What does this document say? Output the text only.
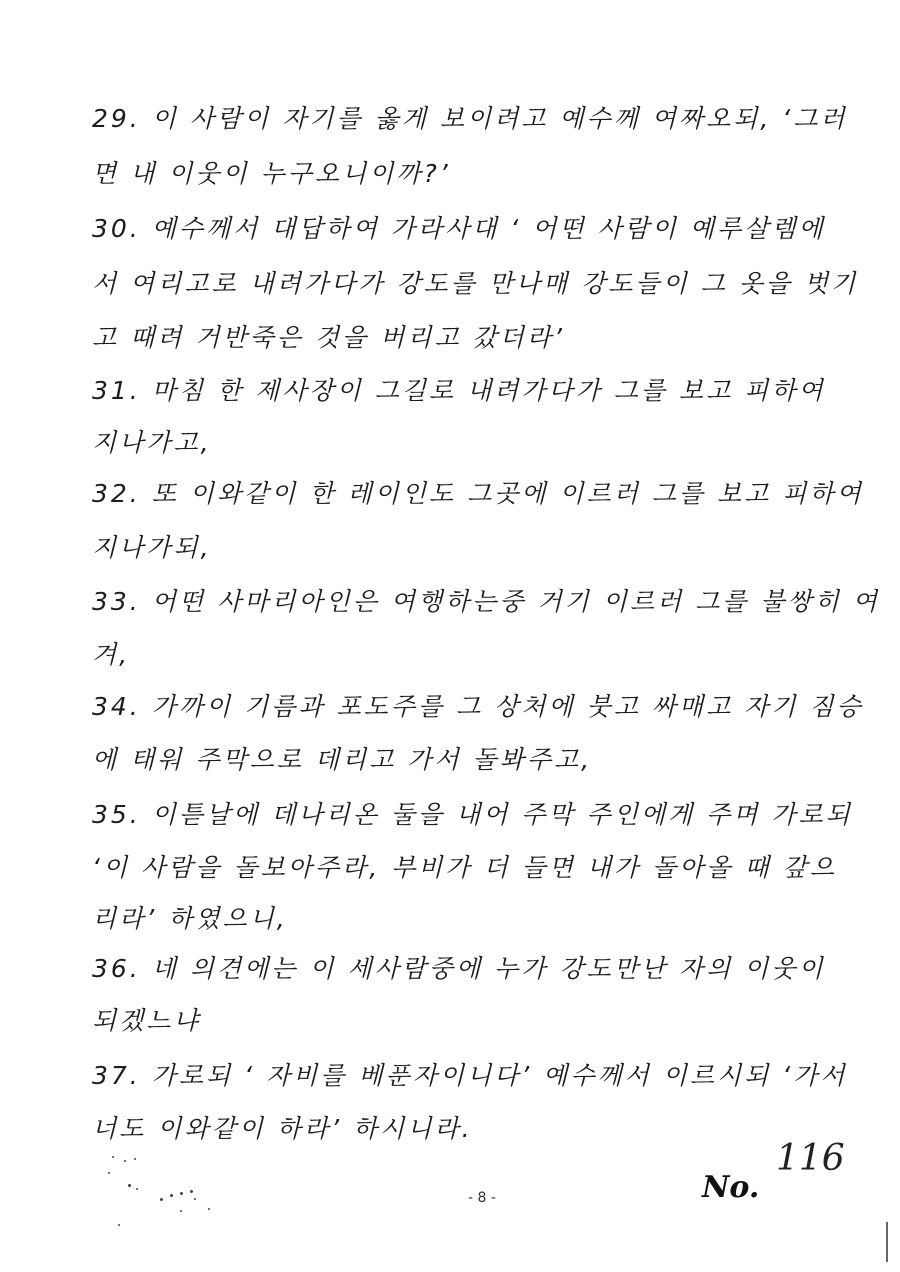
29. 이 사람이 자기를 옳게 보이려고 예수께 여짜오되, ‘그러
면 내 이웃이 누구오니이까?’
30. 예수께서 대답하여 가라사대 ‘ 어떤 사람이 예루살렘에
서 여리고로 내려가다가 강도를 만나매 강도들이 그 옷을 벗기
고 때려 거반죽은 것을 버리고 갔더라’
31. 마침 한 제사장이 그길로 내려가다가 그를 보고 피하여
지나가고,
32. 또 이와같이 한 레이인도 그곳에 이르러 그를 보고 피하여
지나가되,
33. 어떤 사마리아인은 여행하는중 거기 이르러 그를 불쌍히 여
겨,
34. 가까이 기름과 포도주를 그 상처에 붓고 싸매고 자기 짐승
에 태워 주막으로 데리고 가서 돌봐주고,
35. 이튿날에 데나리온 둘을 내어 주막 주인에게 주며 가로되
‘이 사람을 돌보아주라, 부비가 더 들면 내가 돌아올 때 갚으
리라’ 하였으니,
36. 네 의견에는 이 세사람중에 누가 강도만난 자의 이웃이
되겠느냐
37. 가로되 ‘ 자비를 베푼자이니다’ 예수께서 이르시되 ‘가서
너도 이와같이 하라’ 하시니라.
- 8 -	No.
116
